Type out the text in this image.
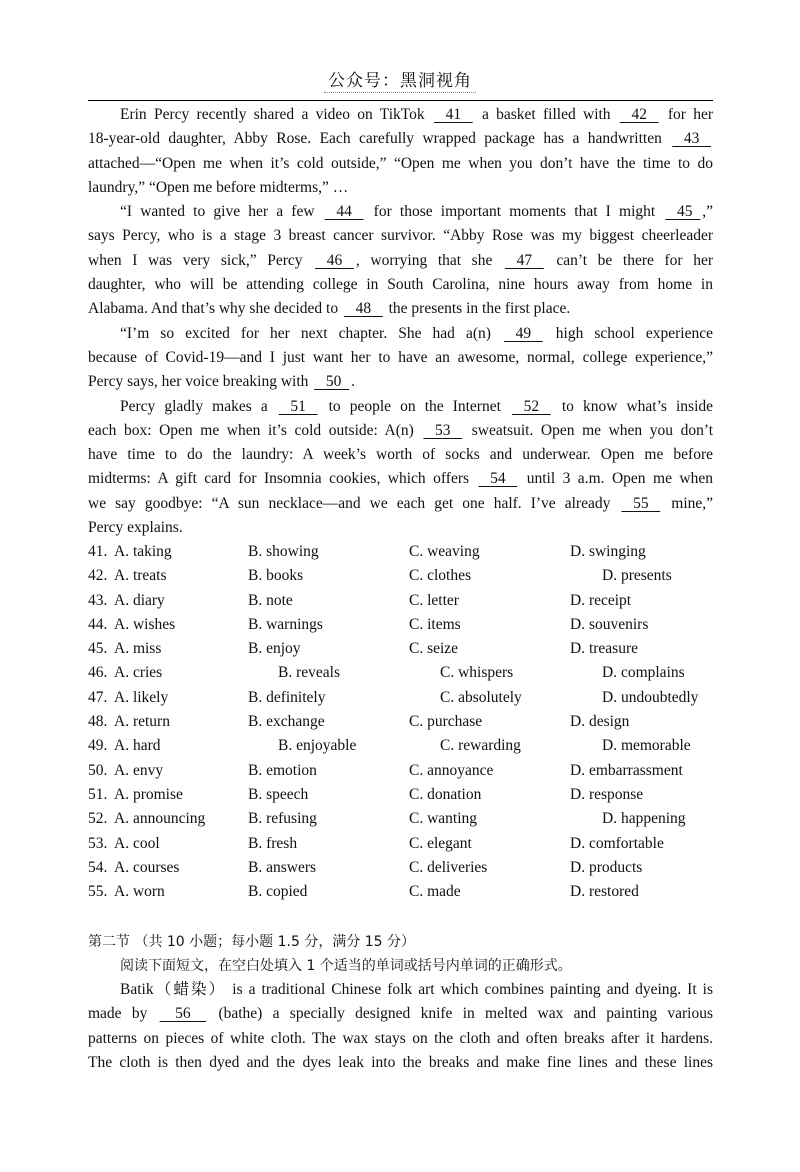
公众号：黑洞视角
Erin Percy recently shared a video on TikTok 41 a basket filled with 42 for her
18-year-old daughter, Abby Rose. Each carefully wrapped package has a handwritten 43
attached—“Open me when it’s cold outside,” “Open me when you don’t have the time to do
laundry,” “Open me before midterms,” …
“I wanted to give her a few 44 for those important moments that I might 45 ,”
says Percy, who is a stage 3 breast cancer survivor. “Abby Rose was my biggest cheerleader
when I was very sick,” Percy 46 , worrying that she 47 can’t be there for her
daughter, who will be attending college in South Carolina, nine hours away from home in
Alabama. And that’s why she decided to 48 the presents in the first place.
“I’m so excited for her next chapter. She had a(n) 49 high school experience
because of Covid-19—and I just want her to have an awesome, normal, college experience,”
Percy says, her voice breaking with 50 .
Percy gladly makes a 51 to people on the Internet 52 to know what’s inside
each box: Open me when it’s cold outside: A(n) 53 sweatsuit. Open me when you don’t
have time to do the laundry: A week’s worth of socks and underwear. Open me before
midterms: A gift card for Insomnia cookies, which offers 54 until 3 a.m. Open me when
we say goodbye: “A sun necklace—and we each get one half. I’ve already 55 mine,”
Percy explains.
41. A. taking	B. showing	C. weaving	D. swinging
42. A. treats	B. books	C. clothes	D. presents
43. A. diary	B. note	C. letter	D. receipt
44. A. wishes	B. warnings	C. items	D. souvenirs
45. A. miss	B. enjoy	C. seize	D. treasure
46. A. cries	B. reveals	C. whispers	D. complains
47. A. likely	B. definitely	C. absolutely	D. undoubtedly
48. A. return	B. exchange	C. purchase	D. design
49. A. hard	B. enjoyable	C. rewarding	D. memorable
50. A. envy	B. emotion	C. annoyance	D. embarrassment
51. A. promise	B. speech	C. donation	D. response
52. A. announcing	B. refusing	C. wanting	D. happening
53. A. cool	B. fresh	C. elegant	D. comfortable
54. A. courses	B. answers	C. deliveries	D. products
55. A. worn	B. copied	C. made	D. restored
第二节 （共 10 小题；每小题 1.5 分，满分 15 分）
阅读下面短文，在空白处填入 1 个适当的单词或括号内单词的正确形式。
Batik（蜡染） is a traditional Chinese folk art which combines painting and dyeing. It is
made by 56 (bathe) a specially designed knife in melted wax and painting various
patterns on pieces of white cloth. The wax stays on the cloth and often breaks after it hardens.
The cloth is then dyed and the dyes leak into the breaks and make fine lines and these lines
